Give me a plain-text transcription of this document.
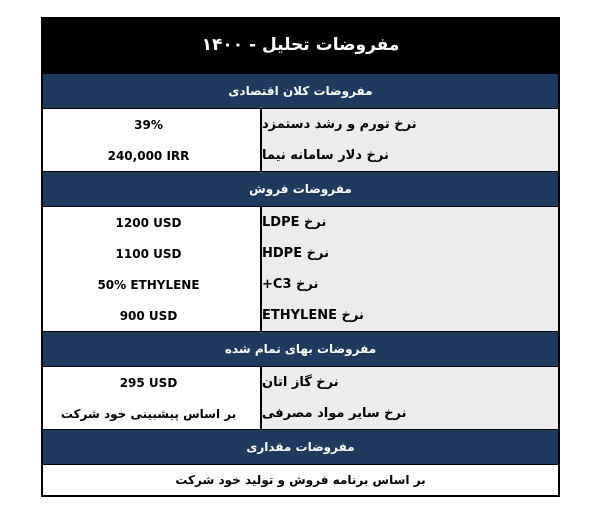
مفروضات تحلیل - ۱۴۰۰
مفروضات کلان اقتصادی
39%
240,000 IRR
نرخ تورم و رشد دستمزد
نرخ دلار سامانه نیما
مفروضات فروش
1200 USD
1100 USD
50% ETHYLENE
900 USD
نرخ LDPE
نرخ HDPE
نرخ C3+
نرخ ETHYLENE
مفروضات بهای تمام شده
295 USD
بر اساس پیشبینی خود شرکت
نرخ گاز اتان
نرخ سایر مواد مصرفی
مفروضات مقداری
بر اساس برنامه فروش و تولید خود شرکت
